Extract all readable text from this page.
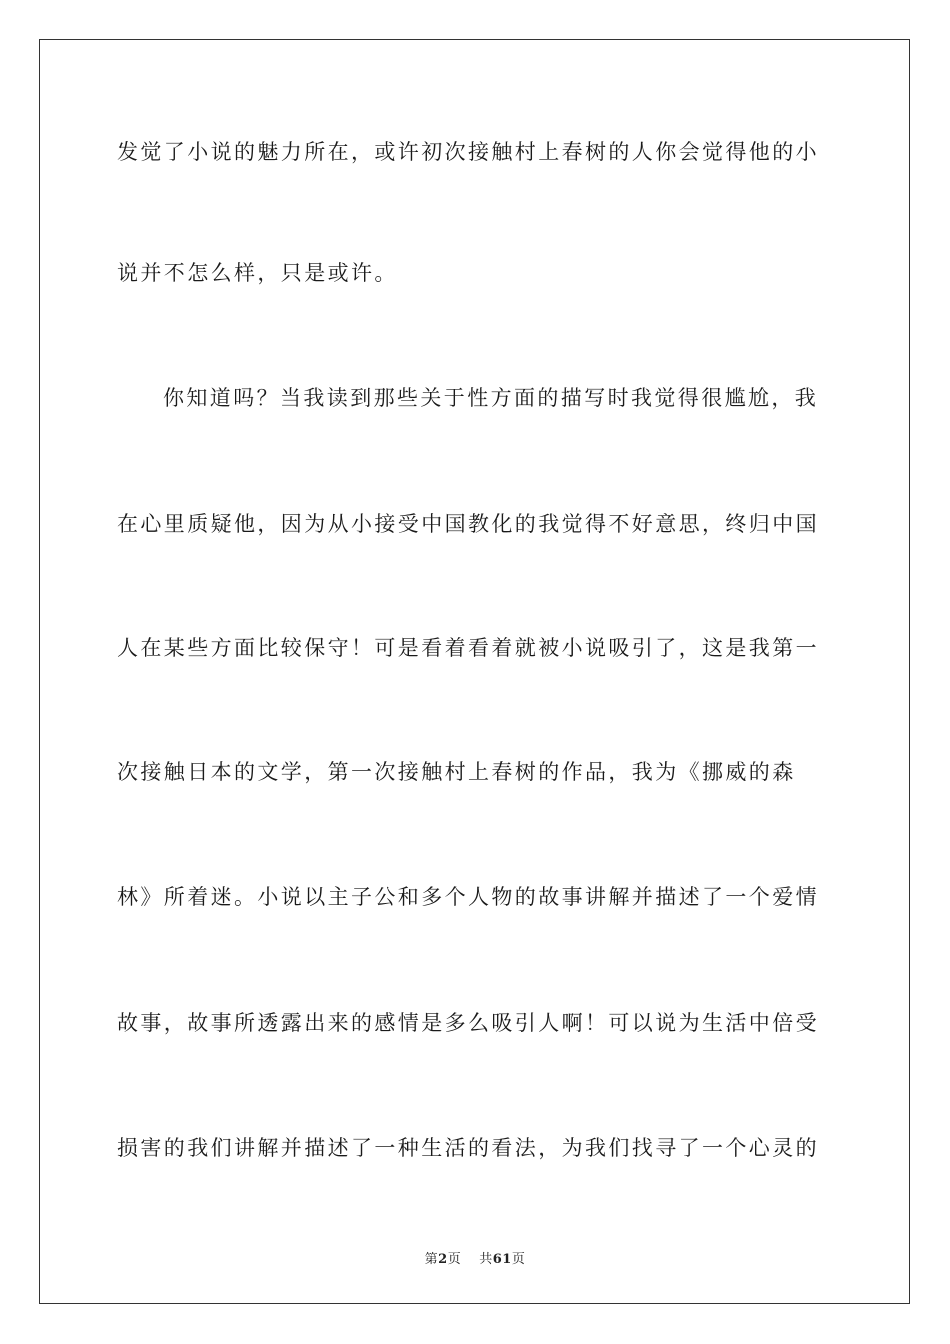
发觉了小说的魅力所在，或许初次接触村上春树的人你会觉得他的小
说并不怎么样，只是或许。
你知道吗？当我读到那些关于性方面的描写时我觉得很尴尬，我
在心里质疑他，因为从小接受中国教化的我觉得不好意思，终归中国
人在某些方面比较保守！可是看着看着就被小说吸引了，这是我第一
次接触日本的文学，第一次接触村上春树的作品，我为《挪威的森
林》所着迷。小说以主子公和多个人物的故事讲解并描述了一个爱情
故事，故事所透露出来的感情是多么吸引人啊！可以说为生活中倍受
损害的我们讲解并描述了一种生活的看法，为我们找寻了一个心灵的
第2页 共61页
